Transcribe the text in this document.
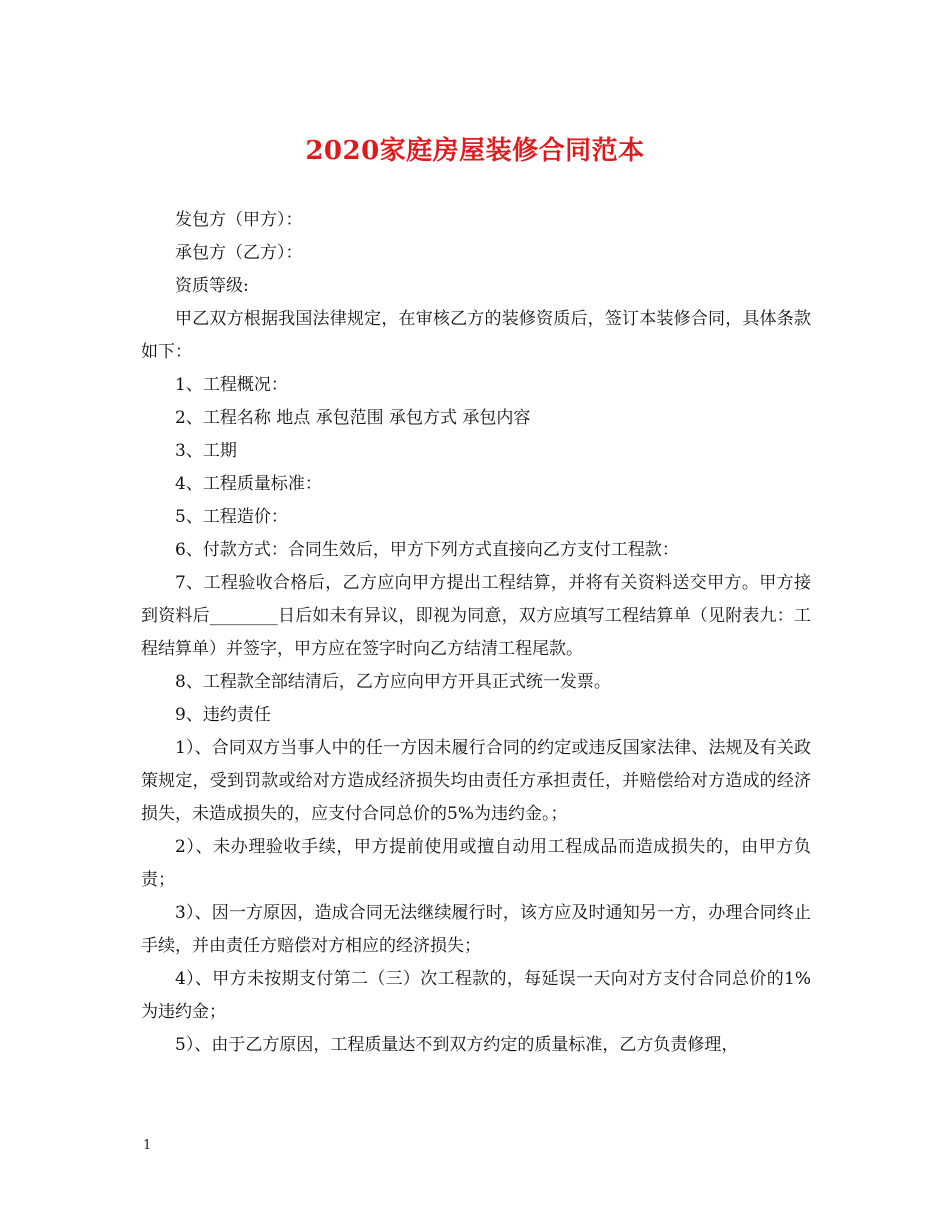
2020家庭房屋装修合同范本

发包方（甲方）：

承包方（乙方）：

资质等级:

甲乙双方根据我国法律规定，在审核乙方的装修资质后，签订本装修合同，具体条款如下：

1、工程概况：

2、工程名称 地点 承包范围 承包方式 承包内容

3、工期

4、工程质量标准：

5、工程造价：

6、付款方式：合同生效后，甲方下列方式直接向乙方支付工程款：

7、工程验收合格后，乙方应向甲方提出工程结算，并将有关资料送交甲方。甲方接到资料后________日后如未有异议，即视为同意，双方应填写工程结算单（见附表九：工程结算单）并签字，甲方应在签字时向乙方结清工程尾款。

8、工程款全部结清后，乙方应向甲方开具正式统一发票。

9、违约责任

1）、合同双方当事人中的任一方因未履行合同的约定或违反国家法律、法规及有关政策规定，受到罚款或给对方造成经济损失均由责任方承担责任，并赔偿给对方造成的经济损失，未造成损失的，应支付合同总价的5%为违约金。；

2）、未办理验收手续，甲方提前使用或擅自动用工程成品而造成损失的，由甲方负责；

3）、因一方原因，造成合同无法继续履行时，该方应及时通知另一方，办理合同终止手续，并由责任方赔偿对方相应的经济损失；

4）、甲方未按期支付第二（三）次工程款的，每延误一天向对方支付合同总价的1%为违约金；

5）、由于乙方原因，工程质量达不到双方约定的质量标准，乙方负责修理，

1
